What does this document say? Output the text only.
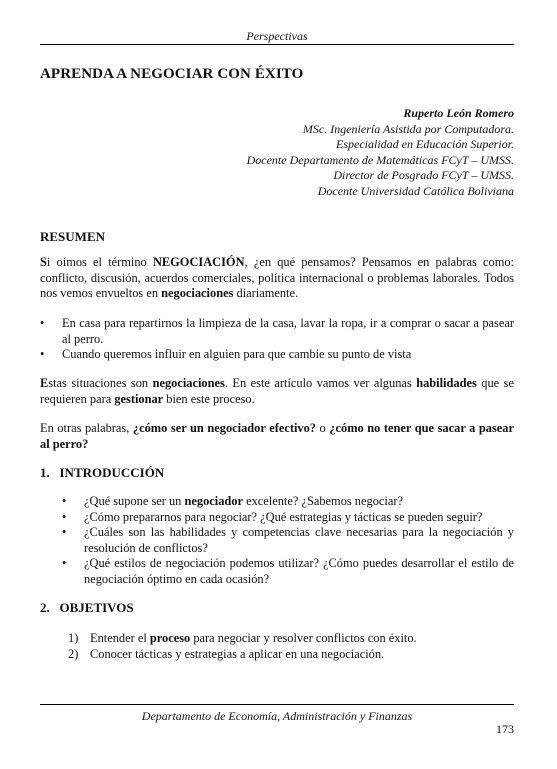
Perspectivas
APRENDA A NEGOCIAR CON ÉXITO
Ruperto León Romero
MSc. Ingeniería Asistida por Computadora.
Especialidad en Educación Superior.
Docente Departamento de Matemáticas FCyT – UMSS.
Director de Posgrado FCyT – UMSS.
Docente Universidad Católica Boliviana
RESUMEN

Si oímos el término NEGOCIACIÓN, ¿en qué pensamos? Pensamos en palabras como: conflicto, discusión, acuerdos comerciales, política internacional o problemas laborales. Todos nos vemos envueltos en negociaciones diariamente.

• En casa para repartirnos la limpieza de la casa, lavar la ropa, ir a comprar o sacar a pasear al perro.
• Cuando queremos influir en alguien para que cambie su punto de vista

Estas situaciones son negociaciones. En este artículo vamos ver algunas habilidades que se requieren para gestionar bien este proceso.

En otras palabras, ¿cómo ser un negociador efectivo? o ¿cómo no tener que sacar a pasear al perro?

1. INTRODUCCIÓN
• ¿Qué supone ser un negociador excelente? ¿Sabemos negociar?
• ¿Cómo prepararnos para negociar? ¿Qué estrategias y tácticas se pueden seguir?
• ¿Cuáles son las habilidades y competencias clave necesarias para la negociación y resolución de conflictos?
• ¿Qué estilos de negociación podemos utilizar? ¿Cómo puedes desarrollar el estilo de negociación óptimo en cada ocasión?
2. OBJETIVOS
1) Entender el proceso para negociar y resolver conflictos con éxito.
2) Conocer tácticas y estrategias a aplicar en una negociación.
Departamento de Economía, Administración y Finanzas
173
